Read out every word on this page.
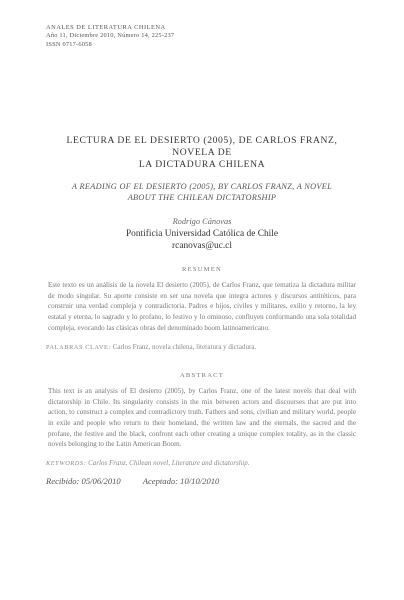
ANALES DE LITERATURA CHILENA
Año 11, Diciembre 2010, Número 14, 225-237
ISSN 0717-6058
LECTURA DE EL DESIERTO (2005), DE CARLOS FRANZ, NOVELA DE
LA DICTADURA CHILENA
A READING OF EL DESIERTO (2005), BY CARLOS FRANZ, A NOVEL
ABOUT THE CHILEAN DICTATORSHIP
Rodrigo Cánovas
Pontificia Universidad Católica de Chile
rcanovas@uc.cl
RESUMEN
Este texto es un análisis de la novela El desierto (2005), de Carlos Franz, que tematiza la dictadura militar de modo singular. Su aporte consiste en ser una novela que integra actores y discursos antitéticos, para construir una verdad compleja y contradictoria. Padres e hijos, civiles y militares, exilio y retorno, la ley estatal y eterna, lo sagrado y lo profano, lo festivo y lo ominoso, confluyen conformando una sola totalidad compleja, evocando las clásicas obras del denominado boom latinoamericano.
PALABRAS CLAVE: Carlos Franz, novela chilena, literatura y dictadura.
ABSTRACT
This text is an analysis of El desierto (2005), by Carlos Franz, one of the latest novels that deal with dictatorship in Chile. Its singularity consists in the mix between actors and discourses that are put into action, to construct a complex and contradictory truth. Fathers and sons, civilian and military world, people in exile and people who return to their homeland, the written law and the eternals, the sacred and the profane, the festive and the black, confront each other creating a unique complex totality, as in the classic novels belonging to the Latin American Boom.
KEYWORDS: Carlos Franz, Chilean novel, Literature and dictatorship.
Recibido: 05/06/2010	Aceptado: 10/10/2010
